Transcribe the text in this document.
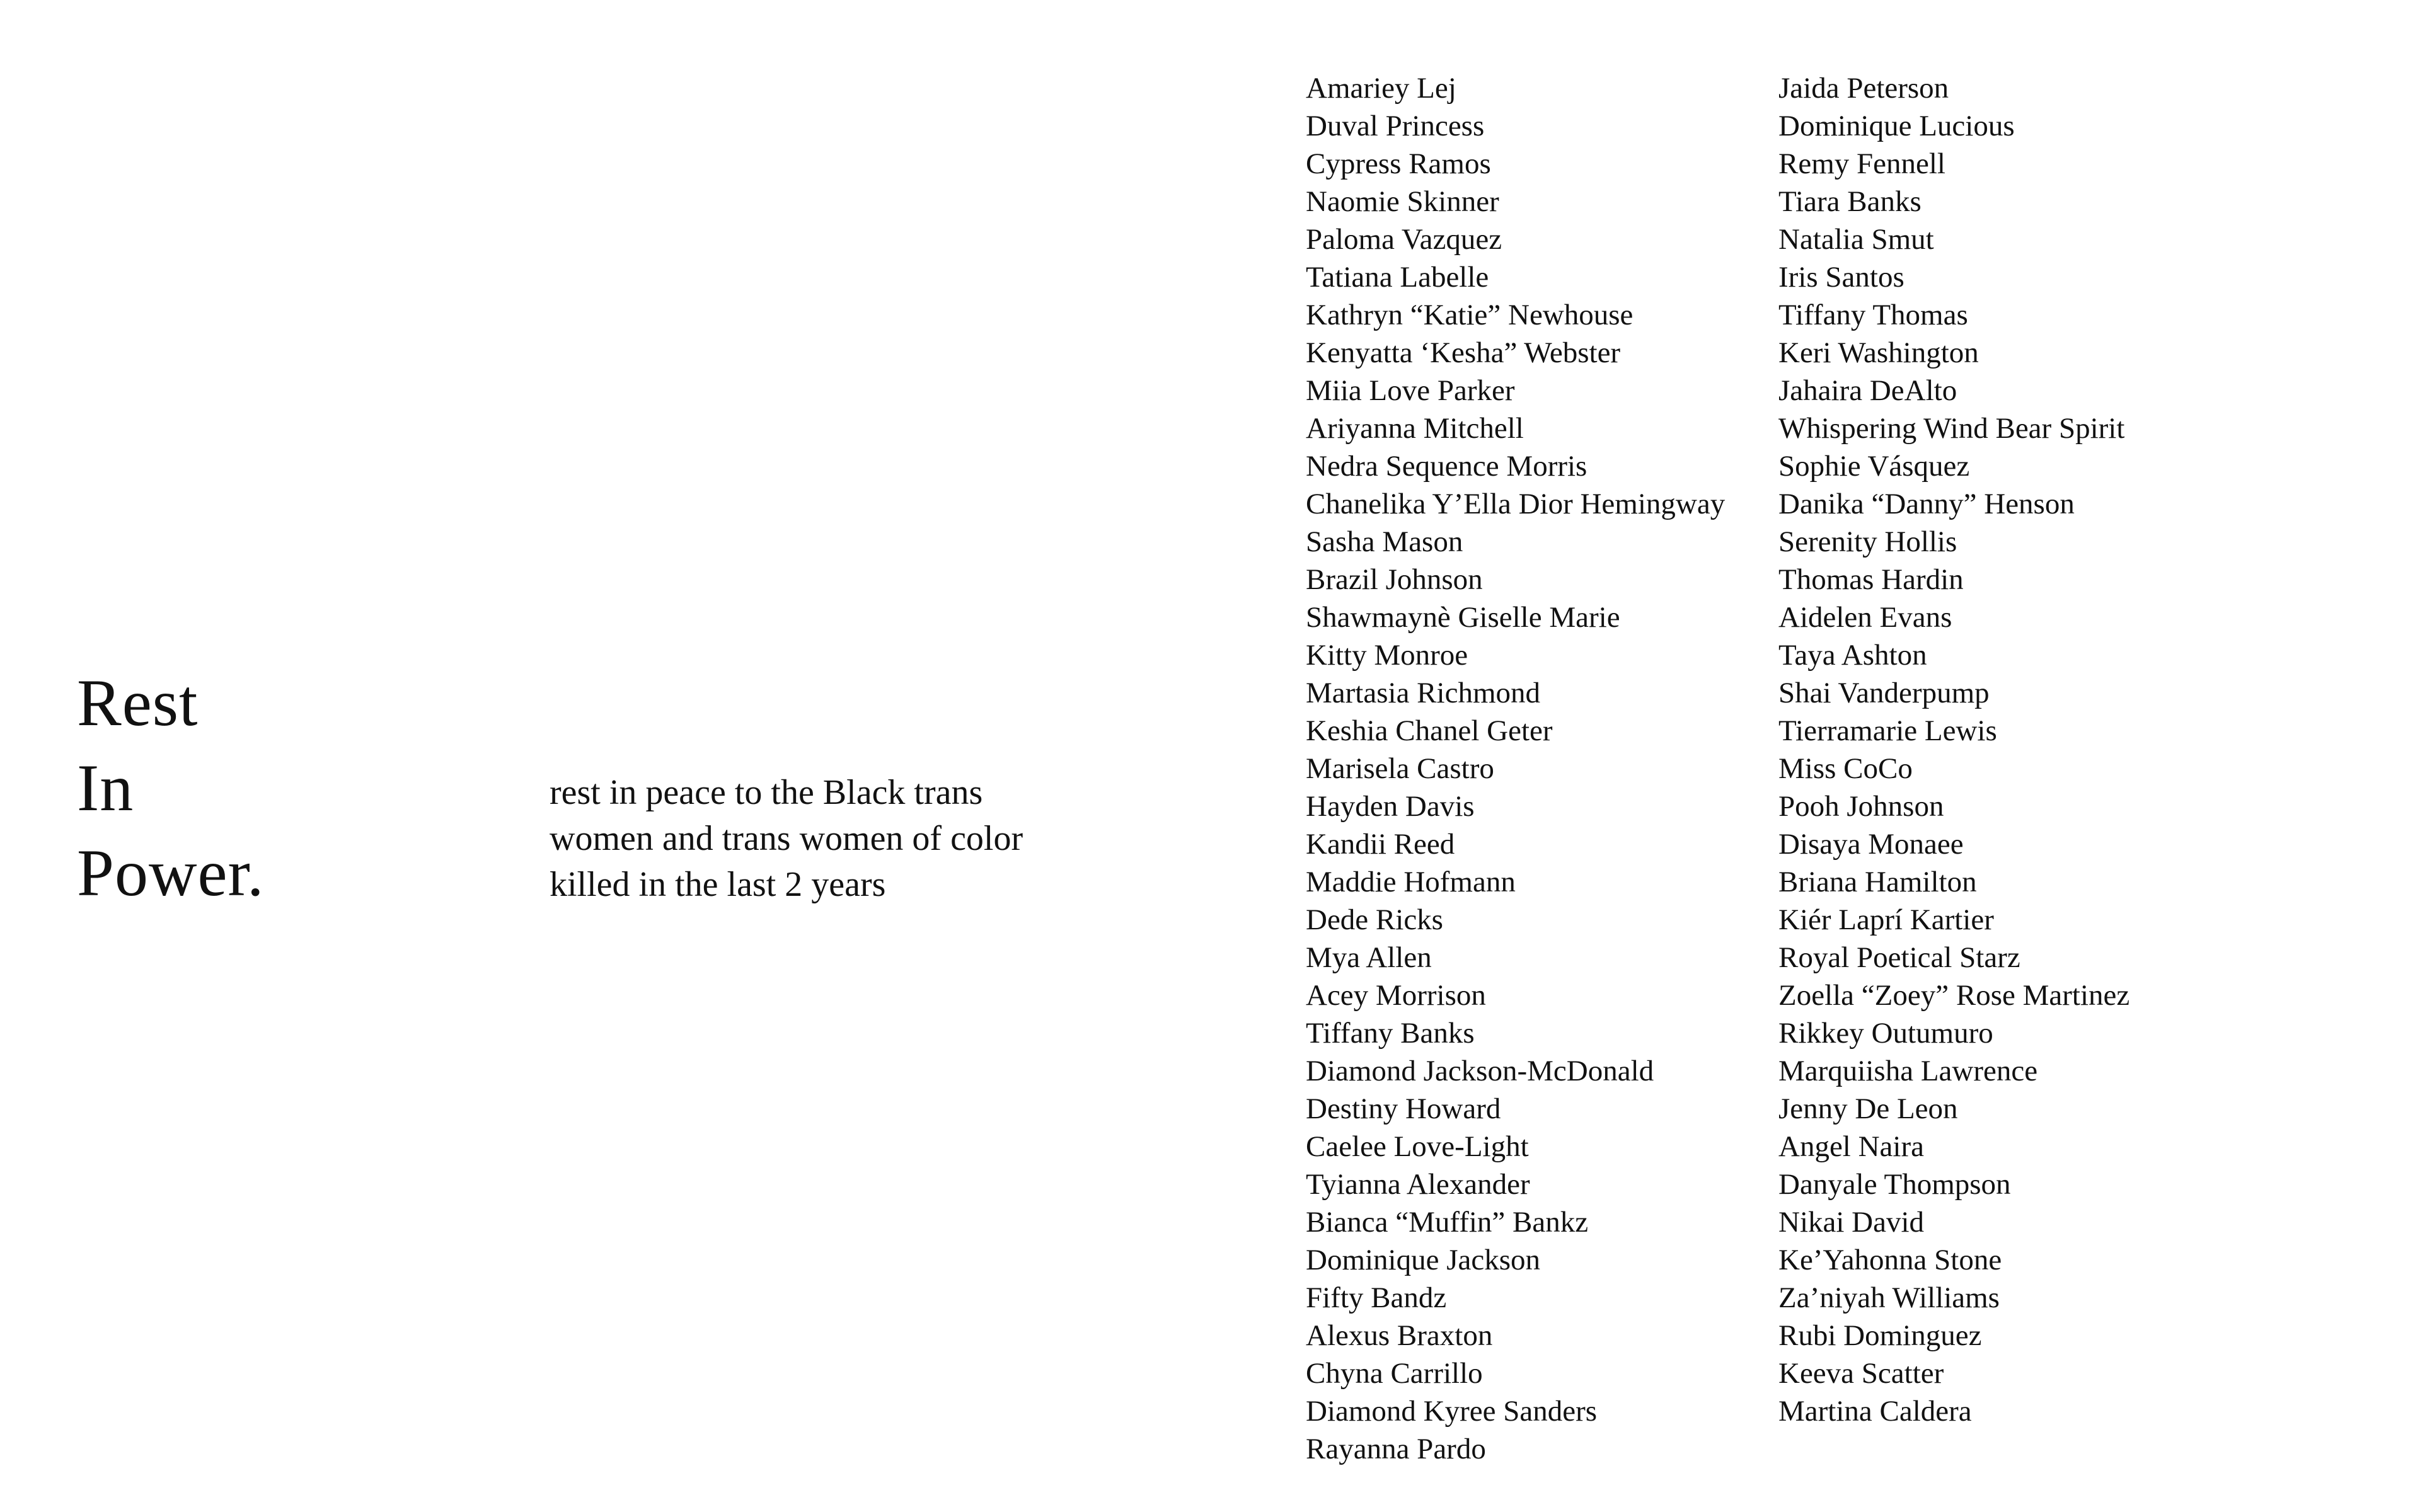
Rest
In
Power.

rest in peace to the Black trans
women and trans women of color
killed in the last 2 years

Amariey Lej
Duval Princess
Cypress Ramos
Naomie Skinner
Paloma Vazquez
Tatiana Labelle
Kathryn “Katie” Newhouse
Kenyatta ‘Kesha” Webster
Miia Love Parker
Ariyanna Mitchell
Nedra Sequence Morris
Chanelika Y’Ella Dior Hemingway
Sasha Mason
Brazil Johnson
Shawmaynè Giselle Marie
Kitty Monroe
Martasia Richmond
Keshia Chanel Geter
Marisela Castro
Hayden Davis
Kandii Reed
Maddie Hofmann
Dede Ricks
Mya Allen
Acey Morrison
Tiffany Banks
Diamond Jackson-McDonald
Destiny Howard
Caelee Love-Light
Tyianna Alexander
Bianca “Muffin” Bankz
Dominique Jackson
Fifty Bandz
Alexus Braxton
Chyna Carrillo
Diamond Kyree Sanders
Rayanna Pardo
Jaida Peterson
Dominique Lucious
Remy Fennell
Tiara Banks
Natalia Smut
Iris Santos
Tiffany Thomas
Keri Washington
Jahaira DeAlto
Whispering Wind Bear Spirit
Sophie Vásquez
Danika “Danny” Henson
Serenity Hollis
Thomas Hardin
Aidelen Evans
Taya Ashton
Shai Vanderpump
Tierramarie Lewis
Miss CoCo
Pooh Johnson
Disaya Monaee
Briana Hamilton
Kiér Laprí Kartier
Royal Poetical Starz
Zoella “Zoey” Rose Martinez
Rikkey Outumuro
Marquiisha Lawrence
Jenny De Leon
Angel Naira
Danyale Thompson
Nikai David
Ke’Yahonna Stone
Za’niyah Williams
Rubi Dominguez
Keeva Scatter
Martina Caldera
